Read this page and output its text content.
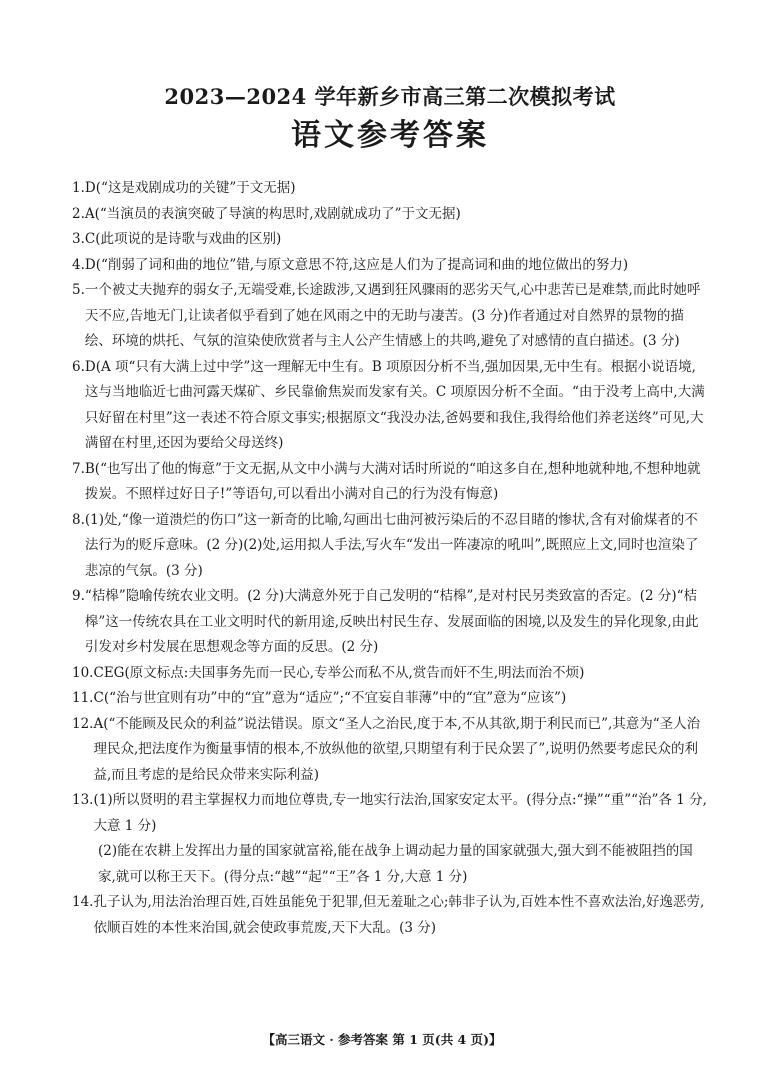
2023—2024 学年新乡市高三第二次模拟考试
语文参考答案
1. D(“这是戏剧成功的关键”于文无据)
2. A(“当演员的表演突破了导演的构思时,戏剧就成功了”于文无据)
3. C(此项说的是诗歌与戏曲的区别)
4. D(“削弱了词和曲的地位”错,与原文意思不符,这应是人们为了提高词和曲的地位做出的努力)
5. 一个被丈夫抛弃的弱女子,无端受难,长途跋涉,又遇到狂风骤雨的恶劣天气,心中悲苦已是难禁,而此时她呼天不应,告地无门,让读者似乎看到了她在风雨之中的无助与凄苦。(3 分)作者通过对自然界的景物的描绘、环境的烘托、气氛的渲染使欣赏者与主人公产生情感上的共鸣,避免了对感情的直白描述。(3 分)
6. D(A 项“只有大满上过中学”这一理解无中生有。B 项原因分析不当,强加因果,无中生有。根据小说语境,这与当地临近七曲河露天煤矿、乡民靠偷焦炭而发家有关。C 项原因分析不全面。“由于没考上高中,大满只好留在村里”这一表述不符合原文事实;根据原文“我没办法,爸妈要和我住,我得给他们养老送终”可见,大满留在村里,还因为要给父母送终)
7. B(“也写出了他的悔意”于文无据,从文中小满与大满对话时所说的“咱这多自在,想种地就种地,不想种地就拨炭。不照样过好日子!”等语句,可以看出小满对自己的行为没有悔意)
8. (1)处,“像一道溃烂的伤口”这一新奇的比喻,勾画出七曲河被污染后的不忍目睹的惨状,含有对偷煤者的不法行为的贬斥意味。(2 分)(2)处,运用拟人手法,写火车“发出一阵凄凉的吼叫”,既照应上文,同时也渲染了悲凉的气氛。(3 分)
9. “桔槔”隐喻传统农业文明。(2 分)大满意外死于自己发明的“桔槔”,是对村民另类致富的否定。(2 分)“桔槔”这一传统农具在工业文明时代的新用途,反映出村民生存、发展面临的困境,以及发生的异化现象,由此引发对乡村发展在思想观念等方面的反思。(2 分)
10. CEG(原文标点:夫国事务先而一民心,专举公而私不从,赏告而奸不生,明法而治不烦)
11. C(“治与世宜则有功”中的“宜”意为“适应”;“不宜妄自菲薄”中的“宜”意为“应该”)
12. A(“不能顾及民众的利益”说法错误。原文“圣人之治民,度于本,不从其欲,期于利民而已”,其意为“圣人治理民众,把法度作为衡量事情的根本,不放纵他的欲望,只期望有利于民众罢了”,说明仍然要考虑民众的利益,而且考虑的是给民众带来实际利益)
13. (1)所以贤明的君主掌握权力而地位尊贵,专一地实行法治,国家安定太平。(得分点:“操”“重”“治”各 1 分,大意 1 分)
(2)能在农耕上发挥出力量的国家就富裕,能在战争上调动起力量的国家就强大,强大到不能被阻挡的国家,就可以称王天下。(得分点:“越”“起”“王”各 1 分,大意 1 分)
14. 孔子认为,用法治治理百姓,百姓虽能免于犯罪,但无羞耻之心;韩非子认为,百姓本性不喜欢法治,好逸恶劳,依顺百姓的本性来治国,就会使政事荒废,天下大乱。(3 分)
【高三语文 · 参考答案 第 1 页(共 4 页)】
